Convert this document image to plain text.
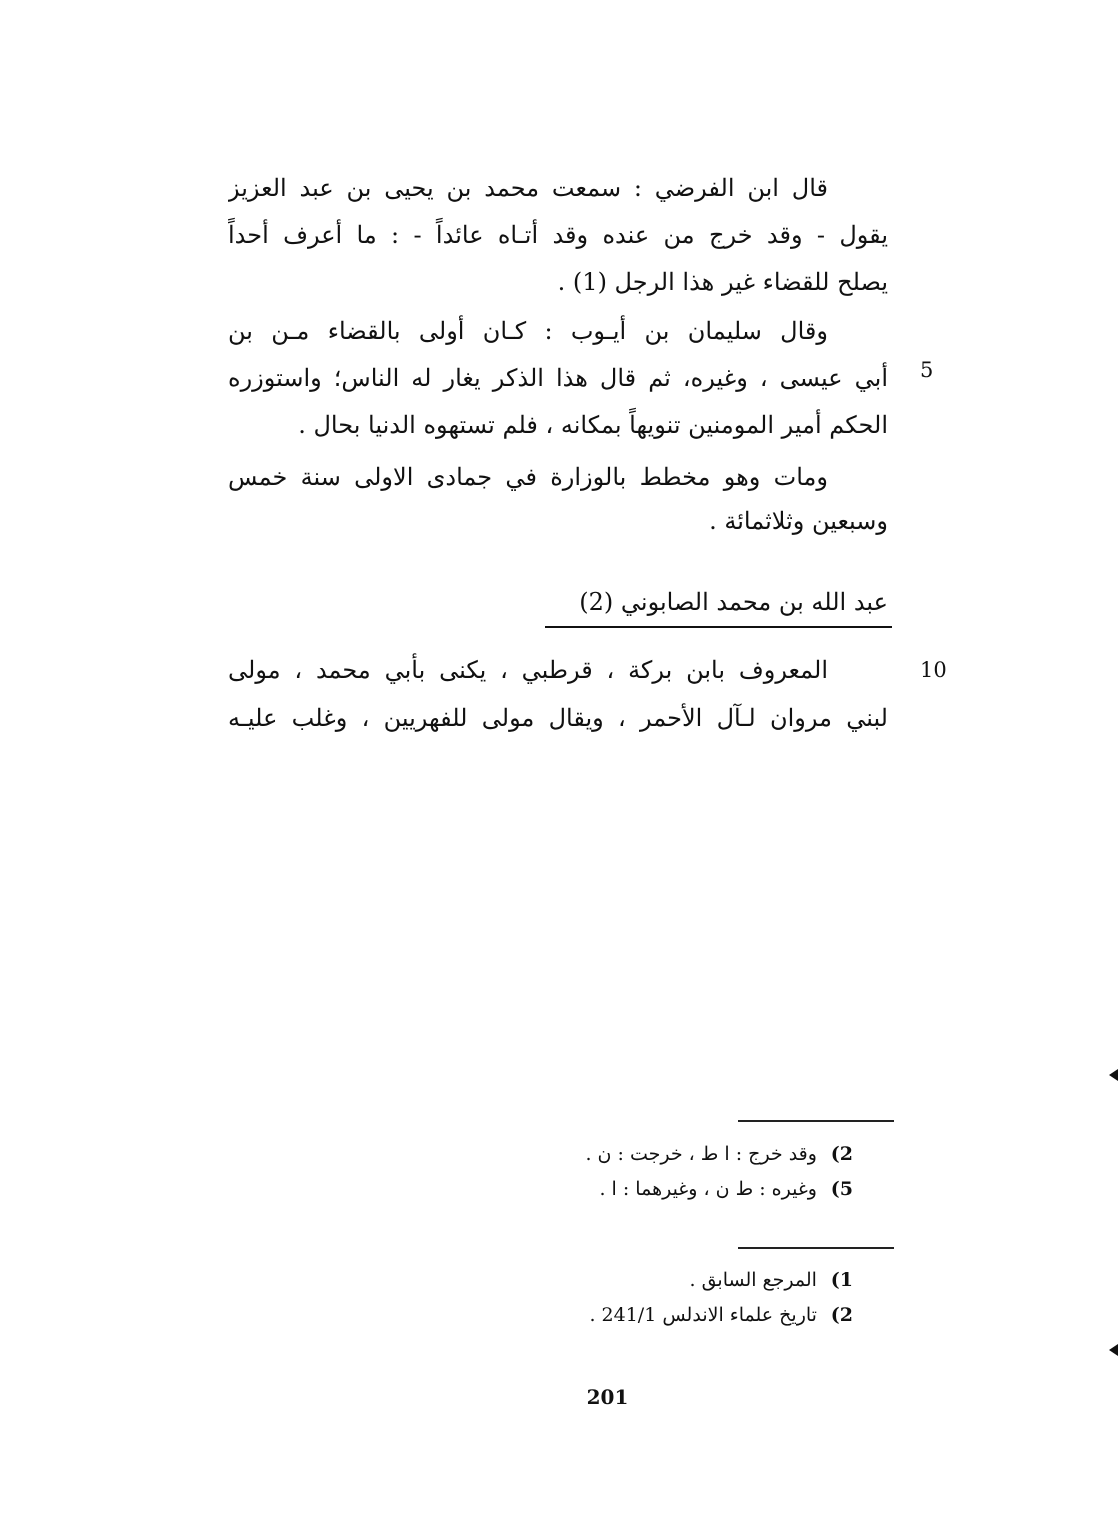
قال ابن الفرضي : سمعت محمد بن يحيى بن عبد العزيز
يقول - وقد خرج من عنده وقد أتـاه عائداً - : ما أعرف أحداً
يصلح للقضاء غير هذا الرجل (1) .
وقال سليمان بن أيـوب : كـان أولى بالقضاء مـن بن
أبي عيسى ، وغيره، ثم قال هذا الذكر يغار له الناس؛ واستوزره 5
الحكم أمير المومنين تنويهاً بمكانه ، فلم تستهوه الدنيا بحال .
ومات وهو مخطط بالوزارة في جمادى الاولى سنة خمس
وسبعين وثلاثمائة .
عبد الله بن محمد الصابوني (2)
المعروف بابن بركة ، قرطبي ، يكنى بأبي محمد ، مولى	10
لبني مروان لـآل الأحمر ، ويقال مولى للفهريين ، وغلب عليـه
2) وقد خرج : ا ط ، خرجت : ن .
5) وغيره : ط ن ، وغيرهما : ا .
1) المرجع السابق .
2) تاريخ علماء الاندلس 241/1 .
201
